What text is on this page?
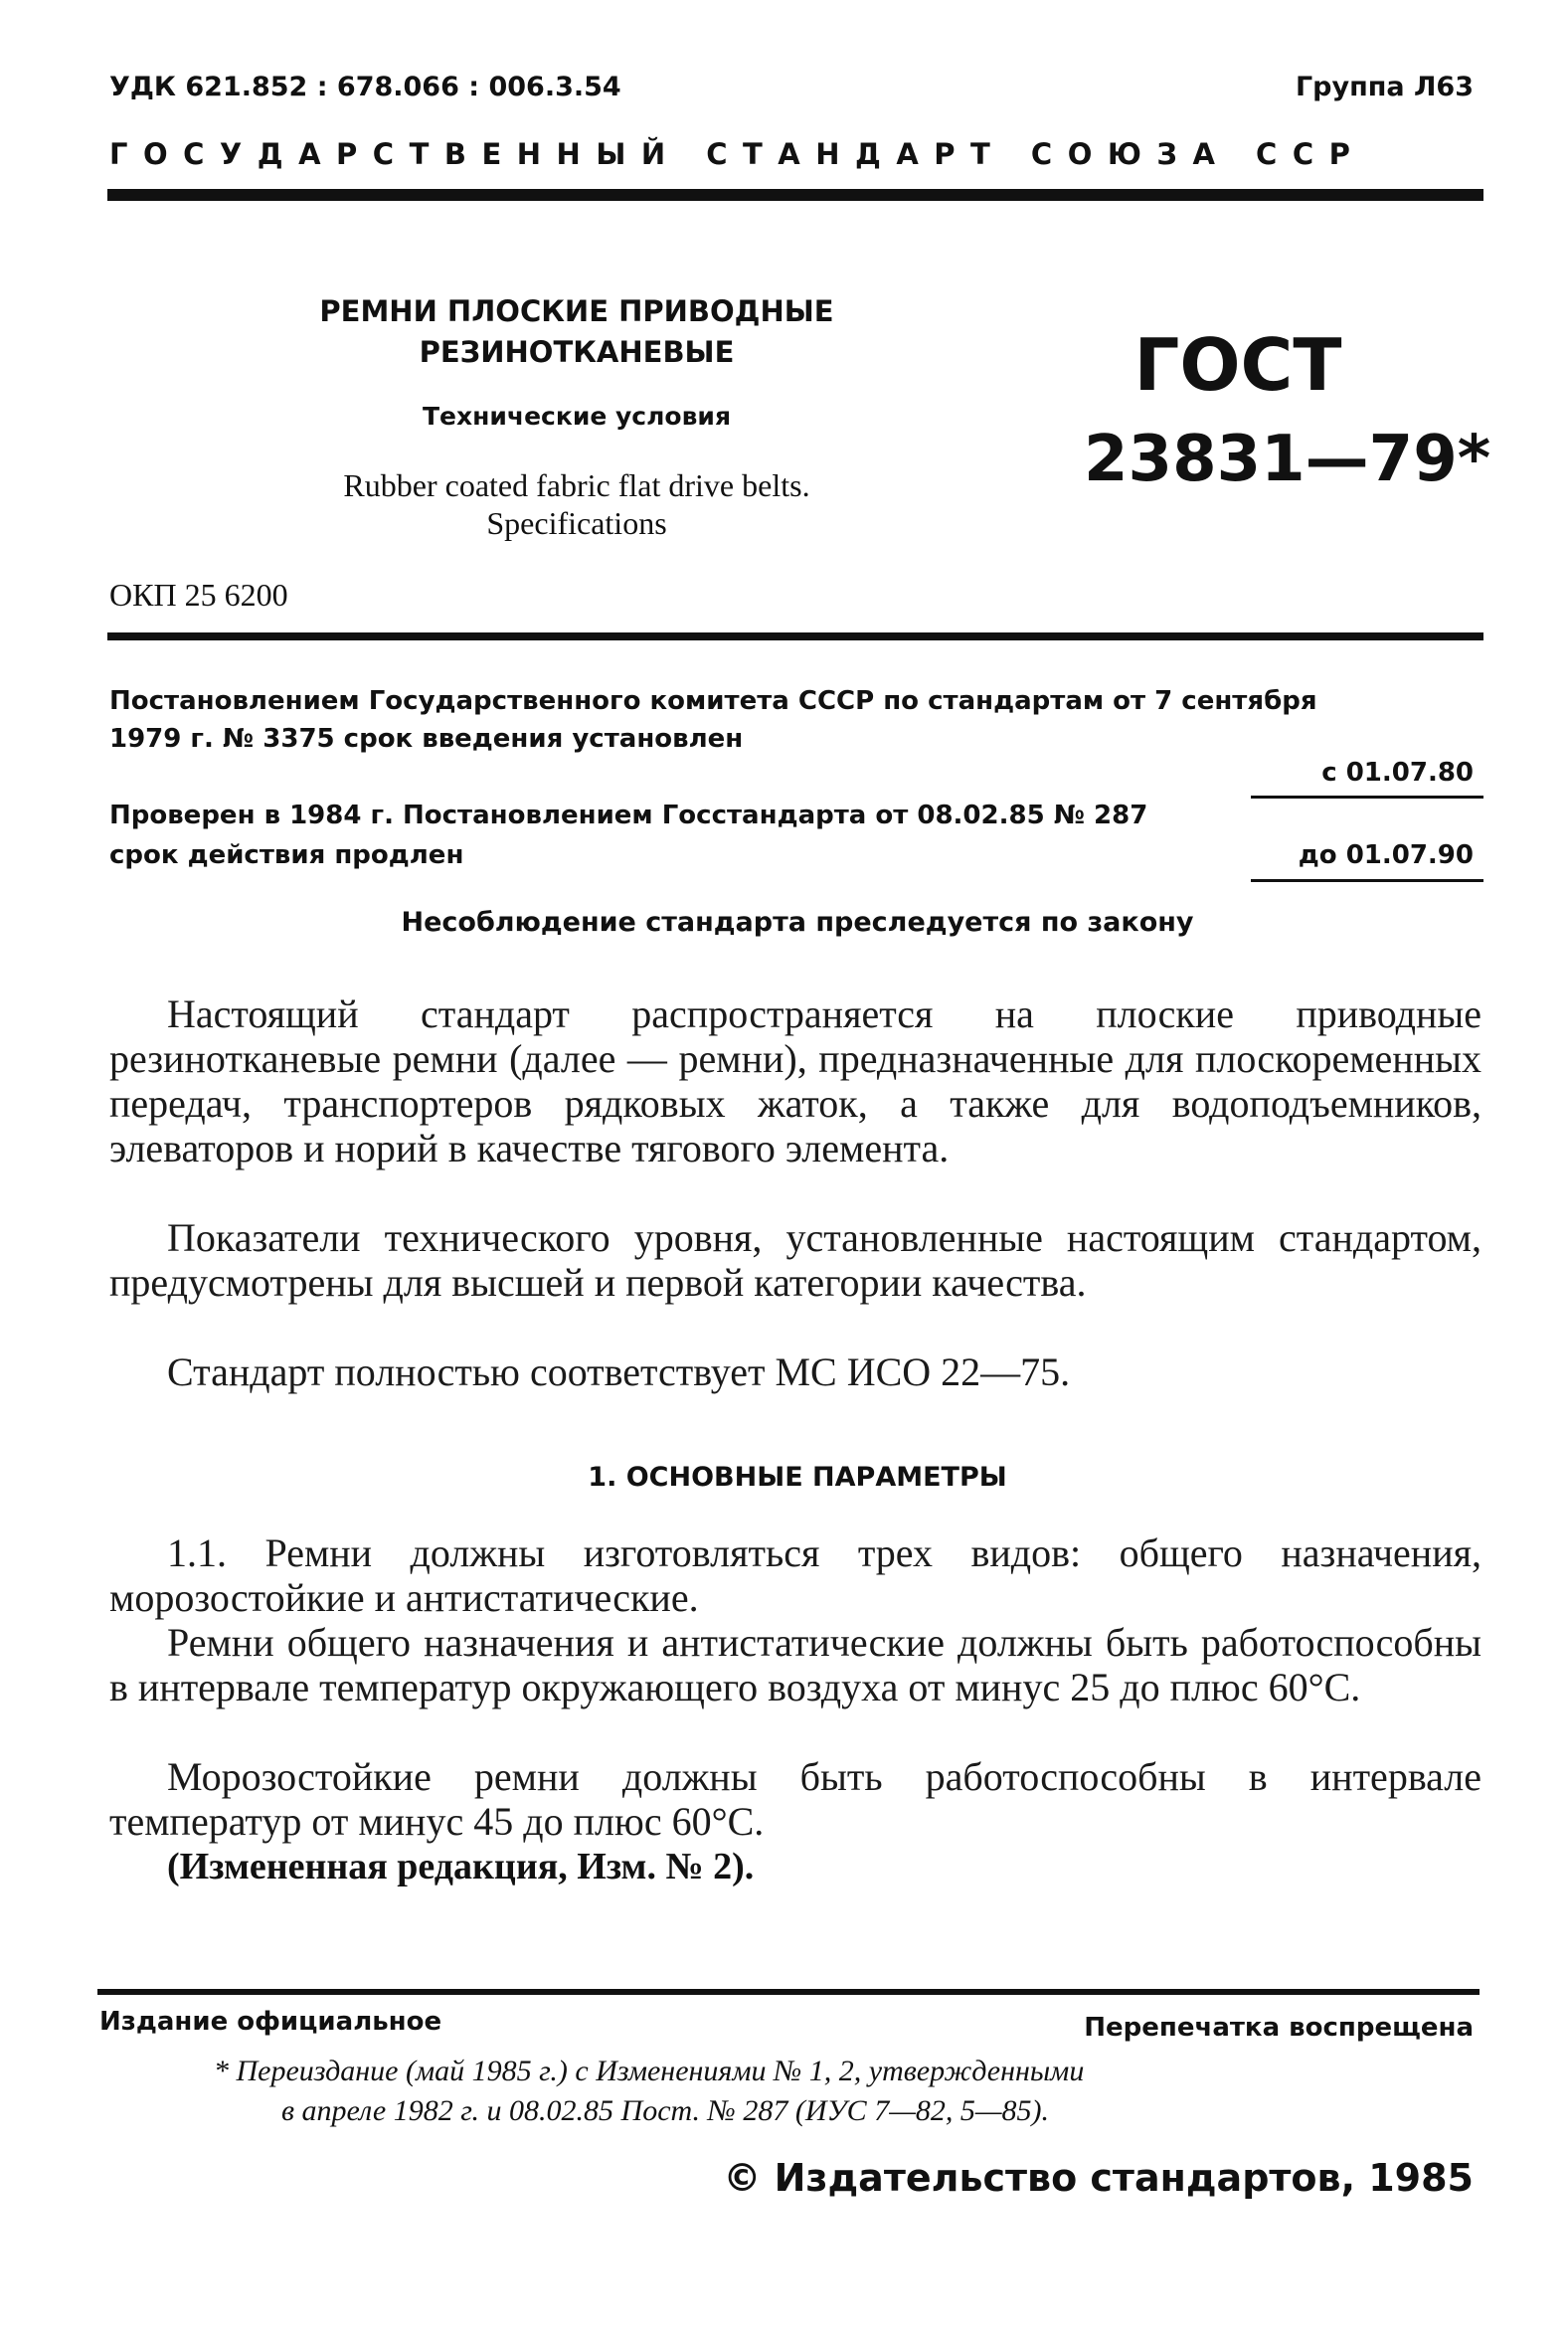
УДК 621.852 : 678.066 : 006.3.54	Группа Л63
ГОСУДАРСТВЕННЫЙ СТАНДАРТ СОЮЗА ССР
РЕМНИ ПЛОСКИЕ ПРИВОДНЫЕ
РЕЗИНОТКАНЕВЫЕ
Технические условия
Rubber coated fabric flat drive belts.
Specifications
ОКП 25 6200
ГОСТ
23831—79*
Постановлением Государственного комитета СССР по стандартам от 7 сентября
1979 г. № 3375 срок введения установлен
с 01.07.80
Проверен в 1984 г. Постановлением Госстандарта от 08.02.85 № 287
срок действия продлен	до 01.07.90
Несоблюдение стандарта преследуется по закону
Настоящий стандарт распространяется на плоские приводные резинотканевые ремни (далее — ремни), предназначенные для плоскоременных передач, транспортеров рядковых жаток, а также для водоподъемников, элеваторов и норий в качестве тягового элемента.
Показатели технического уровня, установленные настоящим стандартом, предусмотрены для высшей и первой категории качества.
Стандарт полностью соответствует МС ИСО 22—75.
1. ОСНОВНЫЕ ПАРАМЕТРЫ
1.1. Ремни должны изготовляться трех видов: общего назначения, морозостойкие и антистатические.
Ремни общего назначения и антистатические должны быть работоспособны в интервале температур окружающего воздуха от минус 25 до плюс 60°С.
Морозостойкие ремни должны быть работоспособны в интервале температур от минус 45 до плюс 60°С.
(Измененная редакция, Изм. № 2).
Издание официальное	Перепечатка воспрещена
* Переиздание (май 1985 г.) с Изменениями № 1, 2, утвержденными
в апреле 1982 г. и 08.02.85 Пост. № 287 (ИУС 7—82, 5—85).
© Издательство стандартов, 1985
